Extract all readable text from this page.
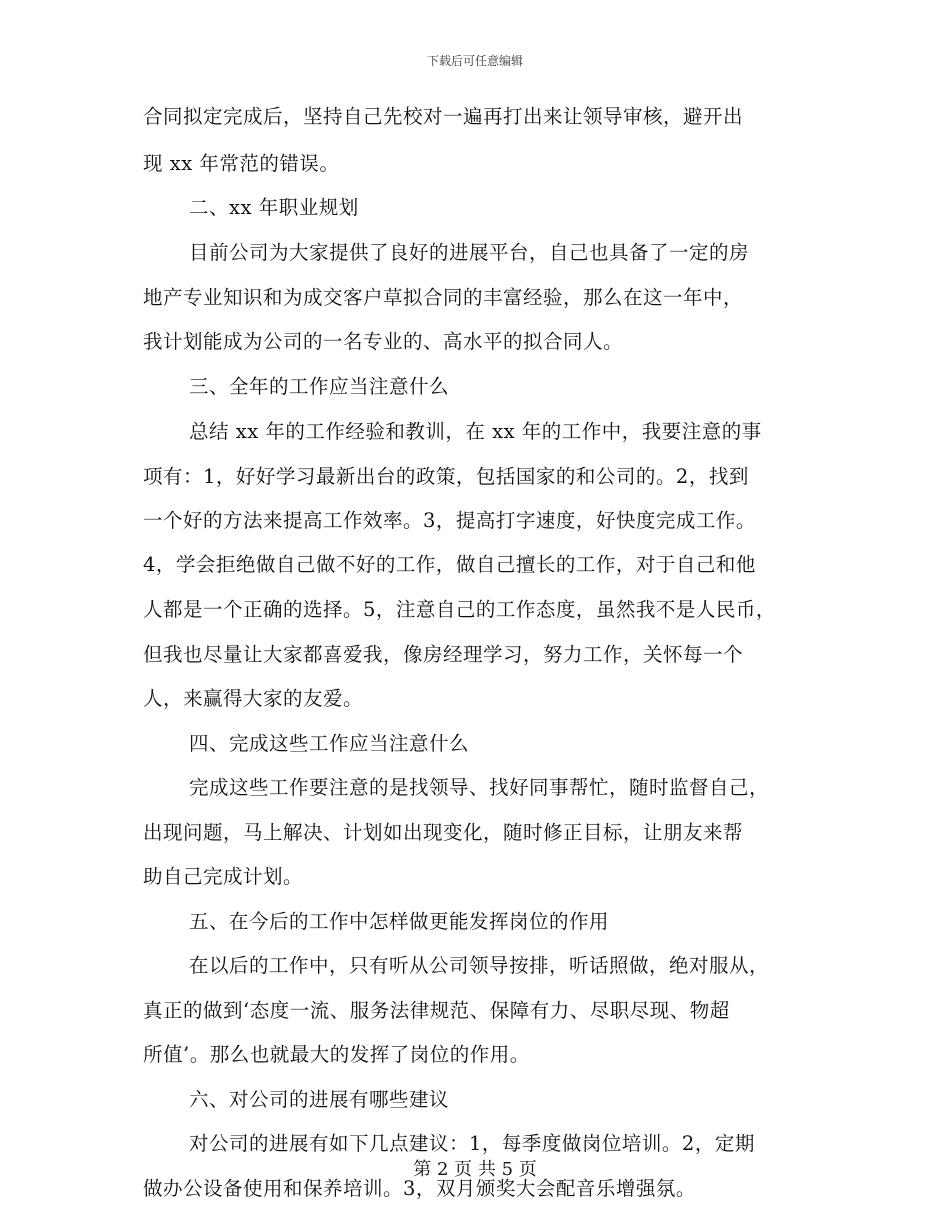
下载后可任意编辑
合同拟定完成后，坚持自己先校对一遍再打出来让领导审核，避开出
现 xx 年常范的错误。
二、xx 年职业规划
目前公司为大家提供了良好的进展平台，自己也具备了一定的房
地产专业知识和为成交客户草拟合同的丰富经验，那么在这一年中，
我计划能成为公司的一名专业的、高水平的拟合同人。
三、全年的工作应当注意什么
总结 xx 年的工作经验和教训，在 xx 年的工作中，我要注意的事
项有：1，好好学习最新出台的政策，包括国家的和公司的。2，找到
一个好的方法来提高工作效率。3，提高打字速度，好快度完成工作。
4，学会拒绝做自己做不好的工作，做自己擅长的工作，对于自己和他
人都是一个正确的选择。5，注意自己的工作态度，虽然我不是人民币，
但我也尽量让大家都喜爱我，像房经理学习，努力工作，关怀每一个
人，来赢得大家的友爱。
四、完成这些工作应当注意什么
完成这些工作要注意的是找领导、找好同事帮忙，随时监督自己，
出现问题，马上解决、计划如出现变化，随时修正目标，让朋友来帮
助自己完成计划。
五、在今后的工作中怎样做更能发挥岗位的作用
在以后的工作中，只有听从公司领导按排，听话照做，绝对服从，
真正的做到‘态度一流、服务法律规范、保障有力、尽职尽现、物超
所值’。那么也就最大的发挥了岗位的作用。
六、对公司的进展有哪些建议
对公司的进展有如下几点建议：1，每季度做岗位培训。2，定期
做办公设备使用和保养培训。3，双月颁奖大会配音乐增强氛。
第 2 页 共 5 页
